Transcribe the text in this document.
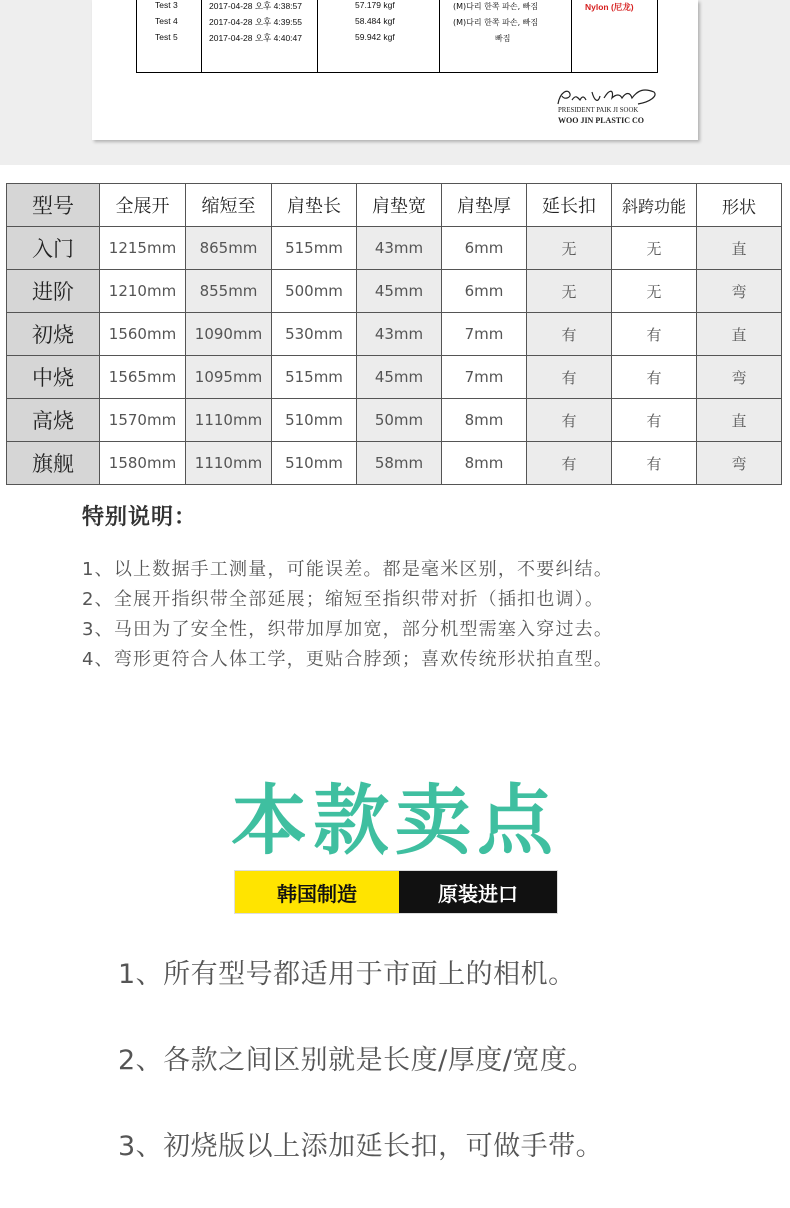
Test 3	2017-04-28 오후 4:38:57	57.179 kgf	(M)다리 한쪽 파손, 빠짐
Test 4	2017-04-28 오후 4:39:55	58.484 kgf	(M)다리 한쪽 파손, 빠짐
Test 5	2017-04-28 오후 4:40:47	59.942 kgf	빠짐
Nylon (尼龙)
PRESIDENT PAIK JI SOOK
WOO JIN PLASTIC CO
型号	全展开	缩短至	肩垫长	肩垫宽	肩垫厚	延长扣	斜跨功能	形状
入门	1215mm	865mm	515mm	43mm	6mm	无	无	直
进阶	1210mm	855mm	500mm	45mm	6mm	无	无	弯
初烧	1560mm	1090mm	530mm	43mm	7mm	有	有	直
中烧	1565mm	1095mm	515mm	45mm	7mm	有	有	弯
高烧	1570mm	1110mm	510mm	50mm	8mm	有	有	直
旗舰	1580mm	1110mm	510mm	58mm	8mm	有	有	弯
特别说明：
1、以上数据手工测量，可能误差。都是毫米区别，不要纠结。
2、全展开指织带全部延展；缩短至指织带对折（插扣也调）。
3、马田为了安全性，织带加厚加宽，部分机型需塞入穿过去。
4、弯形更符合人体工学，更贴合脖颈；喜欢传统形状拍直型。
本款卖点
韩国制造	原装进口
1、所有型号都适用于市面上的相机。
2、各款之间区别就是长度/厚度/宽度。
3、初烧版以上添加延长扣，可做手带。
